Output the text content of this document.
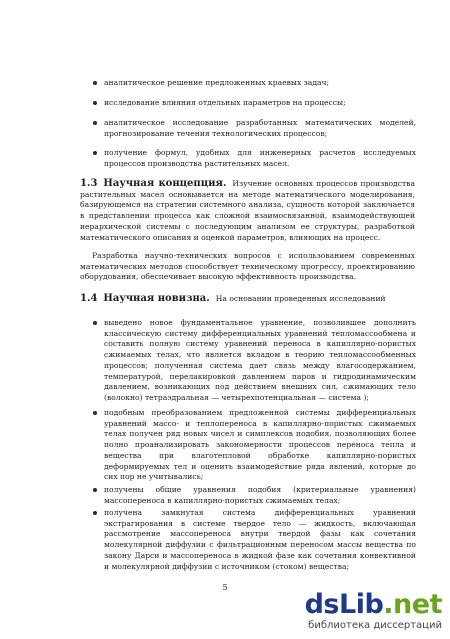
аналитическое решение предложенных краевых задач;
исследование влияния отдельных параметров на процессы;
аналитическое исследование разработанных математических моделей, прогнозирование течения технологических процессов;
получение формул, удобных для инженерных расчетов исследуемых процессов производства растительных масел.
1.3 Научная концепция. Изучение основных процессов производства растительных масел основывается на методе математического моделирования, базирующемся на стратегии системного анализа, сущность которой заключается в представлении процесса как сложной взаимосвязанной, взаимодействующей иерархической системы с последующим анализом ее структуры, разработкой математического описания и оценкой параметров, влияющих на процесс.
Разработка научно-технических вопросов с использованием современных математических методов способствует техническому прогрессу, проектированию оборудования, обеспечивает высокую эффективность производства.
1.4 Научная новизна. На основании проведенных исследований
выведено новое фундаментальное уравнение, позволившее дополнить классическую систему дифференциальных уравнений тепломассообмена и составить полную систему уравнений переноса в капиллярно-пористых сжимаемых телах, что является вкладом в теорию тепломассообменных процессов; полученная система дает связь между влагосодержанием, температурой, перелакировкой давлением паров и гидродинамическим давлением, возникающих под действием внешних сил, сжимающих тело (волокно) тетраэдральная — четырехпотенциальная — система );
подобным преобразованием предложенной системы дифференциальных уравнений массо- и теплопереноса в капиллярно-пористых сжимаемых телах получен ряд новых чисел и симплексов подобия, позволяющих более полно проанализировать закономерности процессов переноса тепла и вещества при влаготепловой обработке капиллярно-пористых деформируемых тел и оценить взаимодействие ряда явлений, которые до сих пор не учитывались;
получены общие уравнения подобия (критериальные уравнения) массопереноса в капиллярно-пористых сжимаемых телах;
получена замкнутая система дифференциальных уравнений экстрагирования в системе твердое тело — жидкость, включающая рассмотрение массопереноса внутри твердой фазы как сочетания молекулярной диффузии с фильтрационным переносом массы вещества по закону Дарси и массопереноса в жидкой фазе как сочетания конвективной и молекулярной диффузии с источником (стоком) вещества;
5
dsLib.net
библиотека диссертаций
